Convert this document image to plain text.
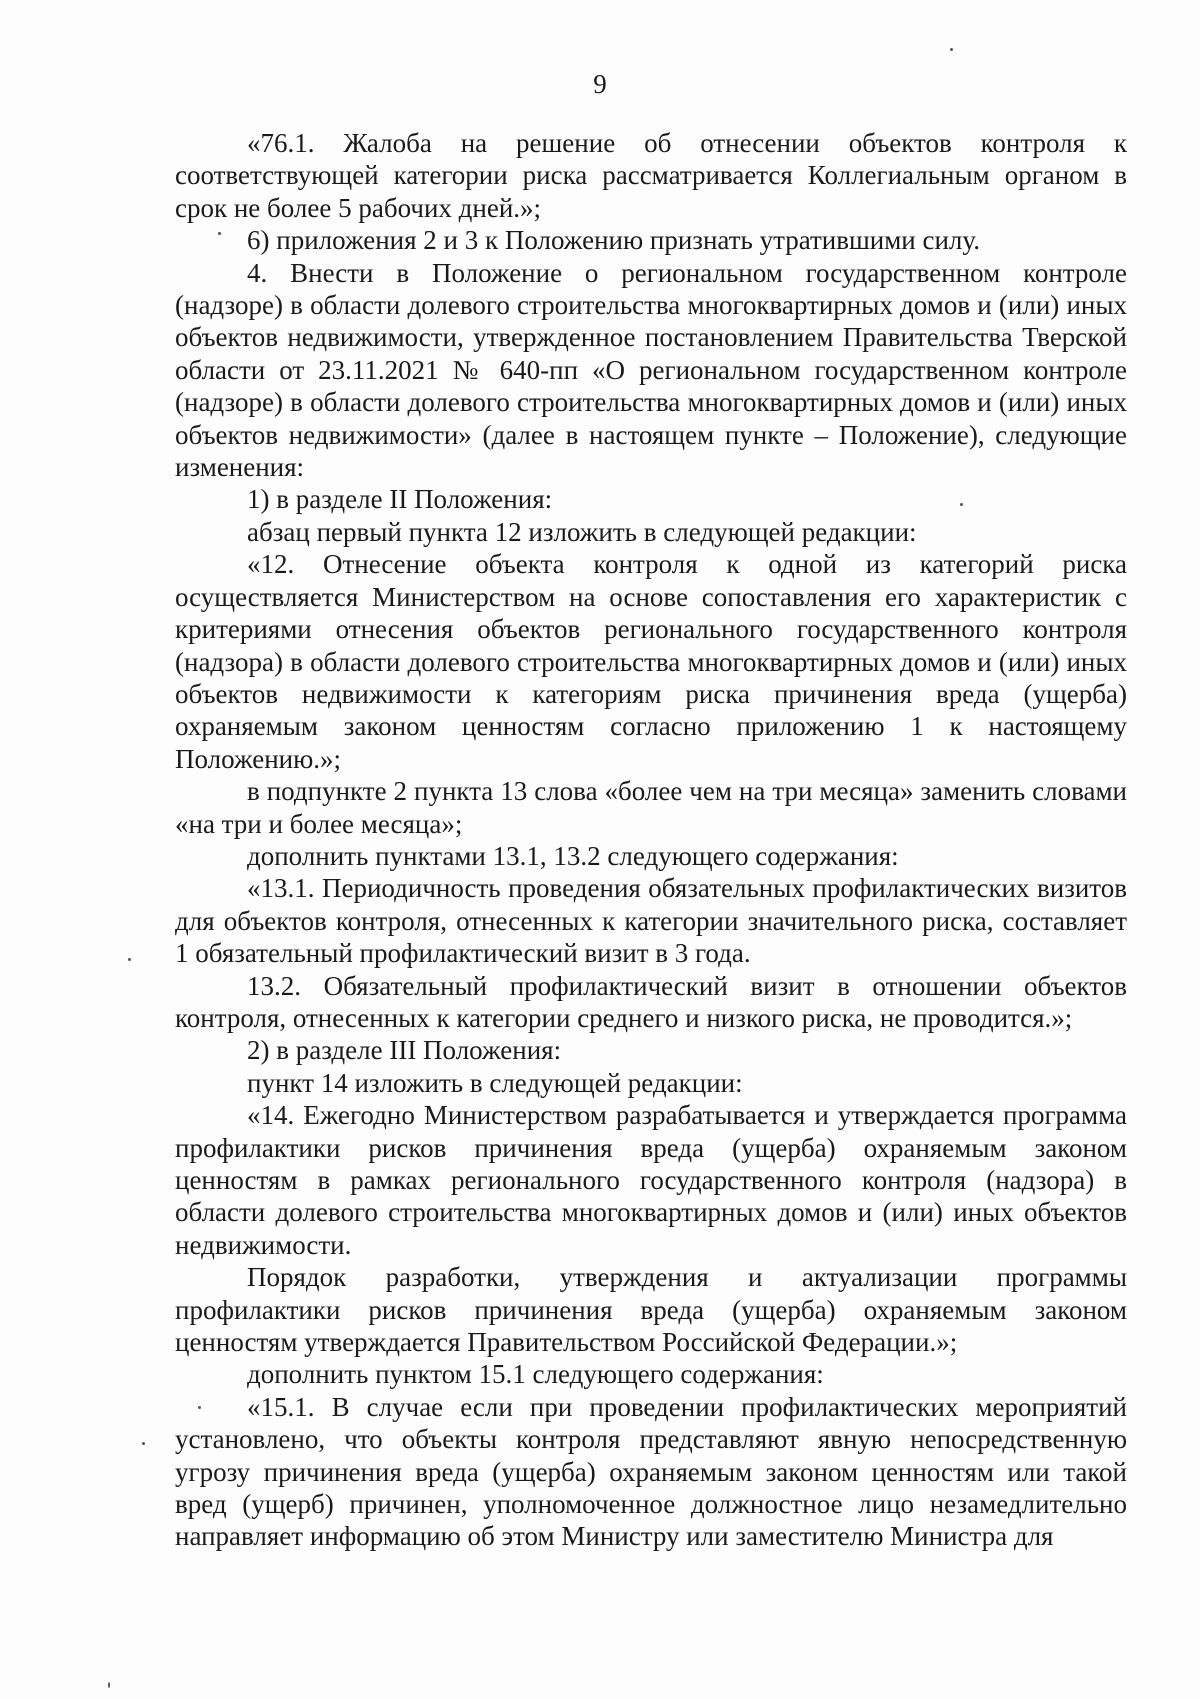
9

«76.1. Жалоба на решение об отнесении объектов контроля к соответствующей категории риска рассматривается Коллегиальным органом в срок не более 5 рабочих дней.»;

6) приложения 2 и 3 к Положению признать утратившими силу.

4. Внести в Положение о региональном государственном контроле (надзоре) в области долевого строительства многоквартирных домов и (или) иных объектов недвижимости, утвержденное постановлением Правительства Тверской области от 23.11.2021 № 640-пп «О региональном государственном контроле (надзоре) в области долевого строительства многоквартирных домов и (или) иных объектов недвижимости» (далее в настоящем пункте – Положение), следующие изменения:

1) в разделе II Положения:

абзац первый пункта 12 изложить в следующей редакции:

«12. Отнесение объекта контроля к одной из категорий риска осуществляется Министерством на основе сопоставления его характеристик с критериями отнесения объектов регионального государственного контроля (надзора) в области долевого строительства многоквартирных домов и (или) иных объектов недвижимости к категориям риска причинения вреда (ущерба) охраняемым законом ценностям согласно приложению 1 к настоящему Положению.»;

в подпункте 2 пункта 13 слова «более чем на три месяца» заменить словами «на три и более месяца»;

дополнить пунктами 13.1, 13.2 следующего содержания:

«13.1. Периодичность проведения обязательных профилактических визитов для объектов контроля, отнесенных к категории значительного риска, составляет 1 обязательный профилактический визит в 3 года.

13.2. Обязательный профилактический визит в отношении объектов контроля, отнесенных к категории среднего и низкого риска, не проводится.»;

2) в разделе III Положения:

пункт 14 изложить в следующей редакции:

«14. Ежегодно Министерством разрабатывается и утверждается программа профилактики рисков причинения вреда (ущерба) охраняемым законом ценностям в рамках регионального государственного контроля (надзора) в области долевого строительства многоквартирных домов и (или) иных объектов недвижимости.

Порядок разработки, утверждения и актуализации программы профилактики рисков причинения вреда (ущерба) охраняемым законом ценностям утверждается Правительством Российской Федерации.»;

дополнить пунктом 15.1 следующего содержания:

«15.1. В случае если при проведении профилактических мероприятий установлено, что объекты контроля представляют явную непосредственную угрозу причинения вреда (ущерба) охраняемым законом ценностям или такой вред (ущерб) причинен, уполномоченное должностное лицо незамедлительно направляет информацию об этом Министру или заместителю Министра для
